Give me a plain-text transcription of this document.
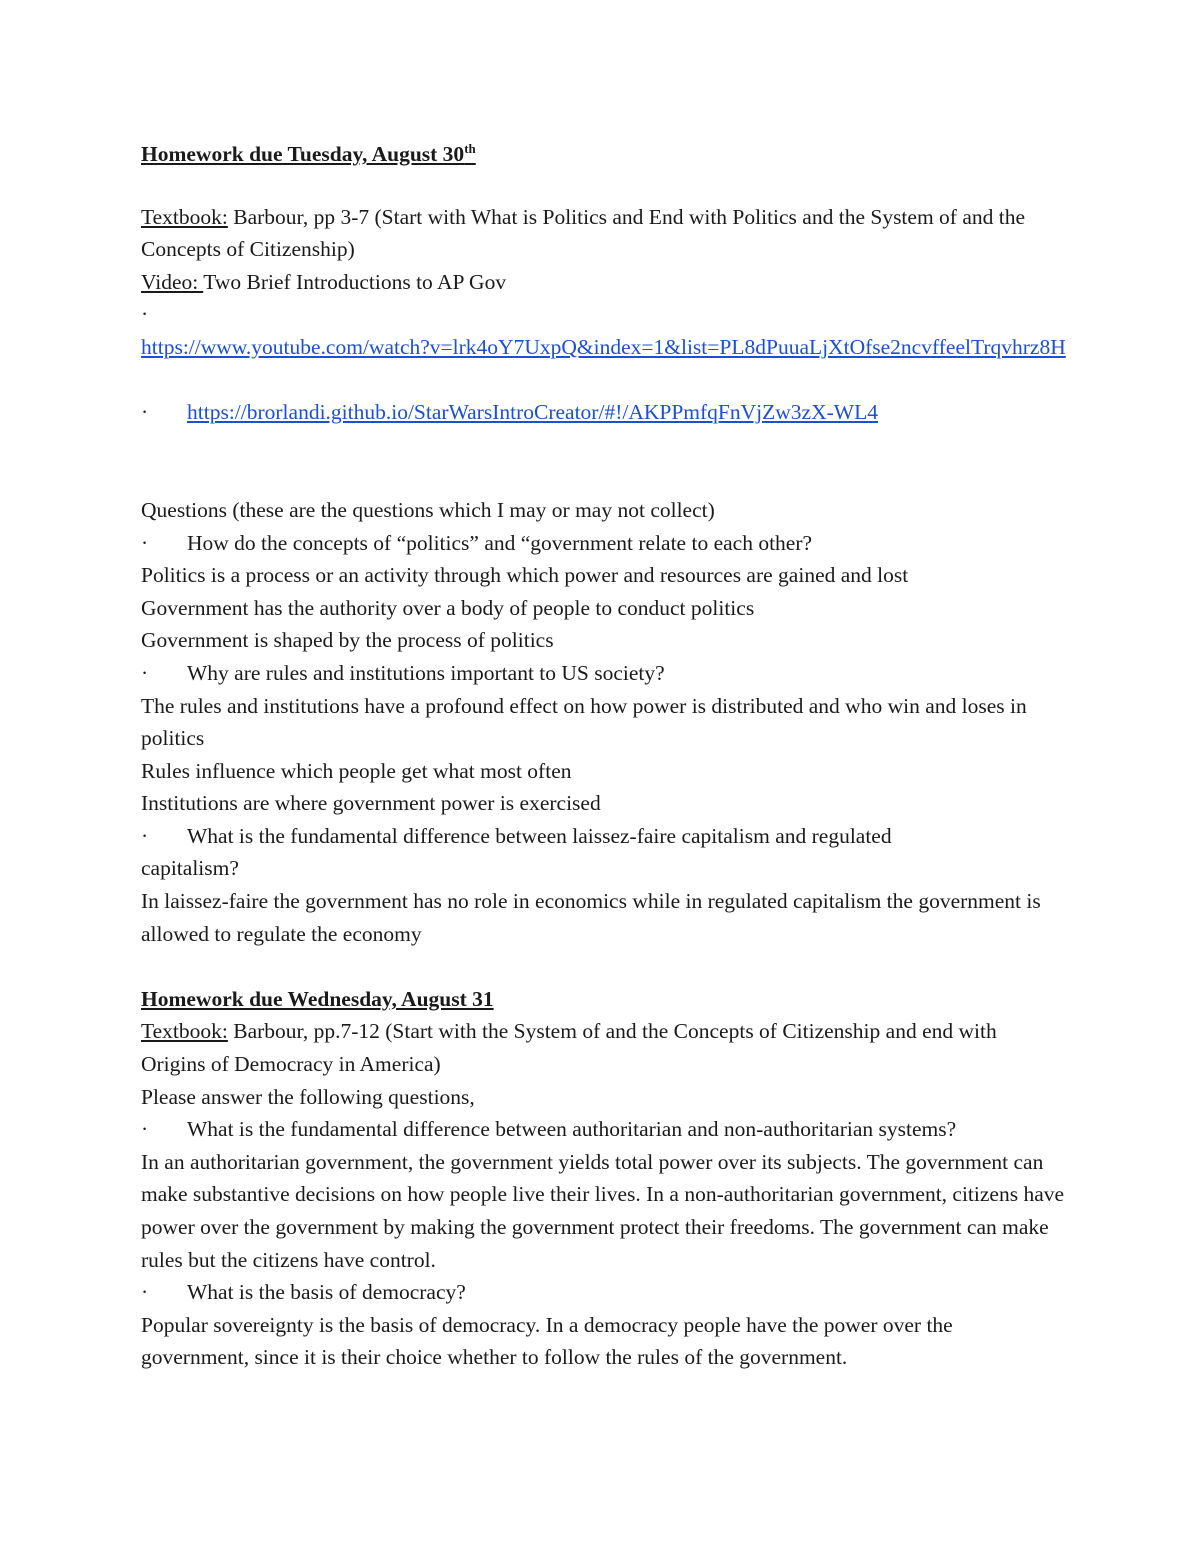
Homework due Tuesday, August 30th
Textbook: Barbour, pp 3-7 (Start with What is Politics and End with Politics and the System of and the Concepts of Citizenship)
Video: Two Brief Introductions to AP Gov
·
https://www.youtube.com/watch?v=lrk4oY7UxpQ&index=1&list=PL8dPuuaLjXtOfse2ncvffeelTrqvhrz8H
· https://brorlandi.github.io/StarWarsIntroCreator/#!/AKPPmfqFnVjZw3zX-WL4
Questions (these are the questions which I may or may not collect)
· How do the concepts of “politics” and “government relate to each other?
Politics is a process or an activity through which power and resources are gained and lost
Government has the authority over a body of people to conduct politics
Government is shaped by the process of politics
· Why are rules and institutions important to US society?
The rules and institutions have a profound effect on how power is distributed and who win and loses in politics
Rules influence which people get what most often
Institutions are where government power is exercised
· What is the fundamental difference between laissez-faire capitalism and regulated capitalism?
In laissez-faire the government has no role in economics while in regulated capitalism the government is allowed to regulate the economy
Homework due Wednesday, August 31
Textbook: Barbour, pp.7-12 (Start with the System of and the Concepts of Citizenship and end with Origins of Democracy in America)
Please answer the following questions,
· What is the fundamental difference between authoritarian and non-authoritarian systems?
In an authoritarian government, the government yields total power over its subjects. The government can make substantive decisions on how people live their lives. In a non-authoritarian government, citizens have power over the government by making the government protect their freedoms. The government can make rules but the citizens have control.
· What is the basis of democracy?
Popular sovereignty is the basis of democracy. In a democracy people have the power over the government, since it is their choice whether to follow the rules of the government.
